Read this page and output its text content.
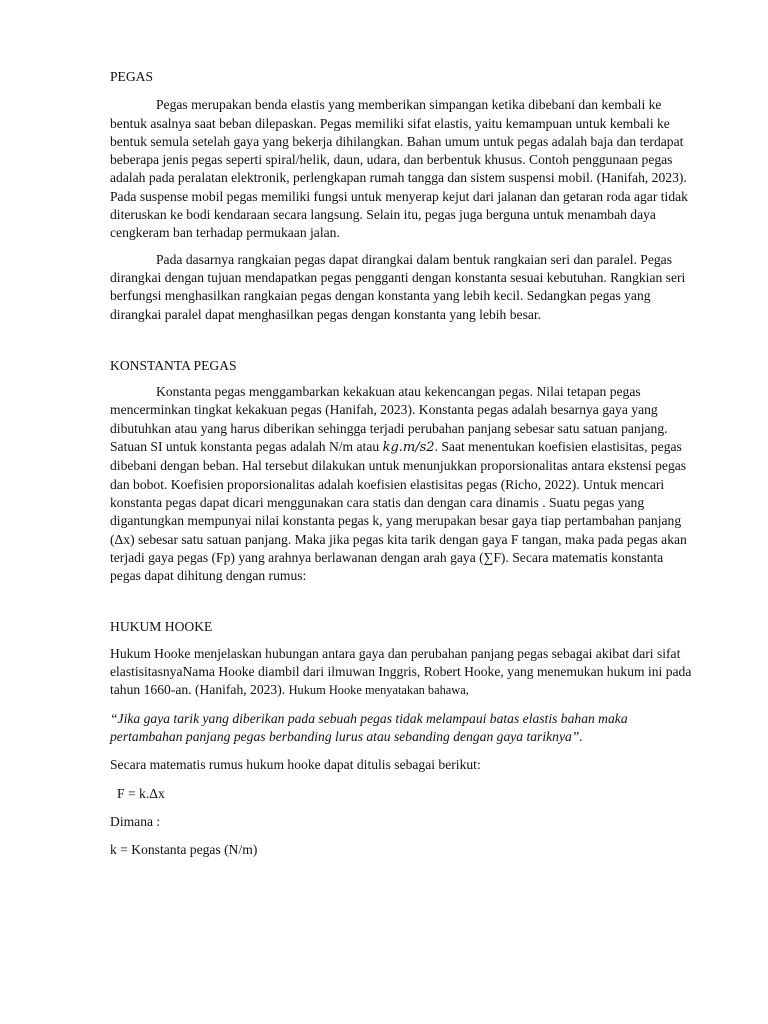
PEGAS

Pegas merupakan benda elastis yang memberikan simpangan ketika dibebani dan kembali ke bentuk asalnya saat beban dilepaskan. Pegas memiliki sifat elastis, yaitu kemampuan untuk kembali ke bentuk semula setelah gaya yang bekerja dihilangkan. Bahan umum untuk pegas adalah baja dan terdapat beberapa jenis pegas seperti spiral/helik, daun, udara, dan berbentuk khusus. Contoh penggunaan pegas adalah pada peralatan elektronik, perlengkapan rumah tangga dan sistem suspensi mobil. (Hanifah, 2023). Pada suspense mobil pegas memiliki fungsi untuk menyerap kejut dari jalanan dan getaran roda agar tidak diteruskan ke bodi kendaraan secara langsung. Selain itu, pegas juga berguna untuk menambah daya cengkeram ban terhadap permukaan jalan.

Pada dasarnya rangkaian pegas dapat dirangkai dalam bentuk rangkaian seri dan paralel. Pegas dirangkai dengan tujuan mendapatkan pegas pengganti dengan konstanta sesuai kebutuhan. Rangkian seri berfungsi menghasilkan rangkaian pegas dengan konstanta yang lebih kecil. Sedangkan pegas yang dirangkai paralel dapat menghasilkan pegas dengan konstanta yang lebih besar.

KONSTANTA PEGAS

Konstanta pegas menggambarkan kekakuan atau kekencangan pegas. Nilai tetapan pegas mencerminkan tingkat kekakuan pegas (Hanifah, 2023). Konstanta pegas adalah besarnya gaya yang dibutuhkan atau yang harus diberikan sehingga terjadi perubahan panjang sebesar satu satuan panjang. Satuan SI untuk konstanta pegas adalah N/m atau kg.m/s2. Saat menentukan koefisien elastisitas, pegas dibebani dengan beban. Hal tersebut dilakukan untuk menunjukkan proporsionalitas antara ekstensi pegas dan bobot. Koefisien proporsionalitas adalah koefisien elastisitas pegas (Richo, 2022). Untuk mencari konstanta pegas dapat dicari menggunakan cara statis dan dengan cara dinamis . Suatu pegas yang digantungkan mempunyai nilai konstanta pegas k, yang merupakan besar gaya tiap pertambahan panjang (Δx) sebesar satu satuan panjang. Maka jika pegas kita tarik dengan gaya F tangan, maka pada pegas akan terjadi gaya pegas (Fp) yang arahnya berlawanan dengan arah gaya (∑F). Secara matematis konstanta pegas dapat dihitung dengan rumus:

HUKUM HOOKE

Hukum Hooke menjelaskan hubungan antara gaya dan perubahan panjang pegas sebagai akibat dari sifat elastisitasnyaNama Hooke diambil dari ilmuwan Inggris, Robert Hooke, yang menemukan hukum ini pada tahun 1660-an. (Hanifah, 2023). Hukum Hooke menyatakan bahawa,

“Jika gaya tarik yang diberikan pada sebuah pegas tidak melampaui batas elastis bahan maka pertambahan panjang pegas berbanding lurus atau sebanding dengan gaya tariknya”.

Secara matematis rumus hukum hooke dapat ditulis sebagai berikut:

F = k.Δx

Dimana :

k = Konstanta pegas (N/m)
